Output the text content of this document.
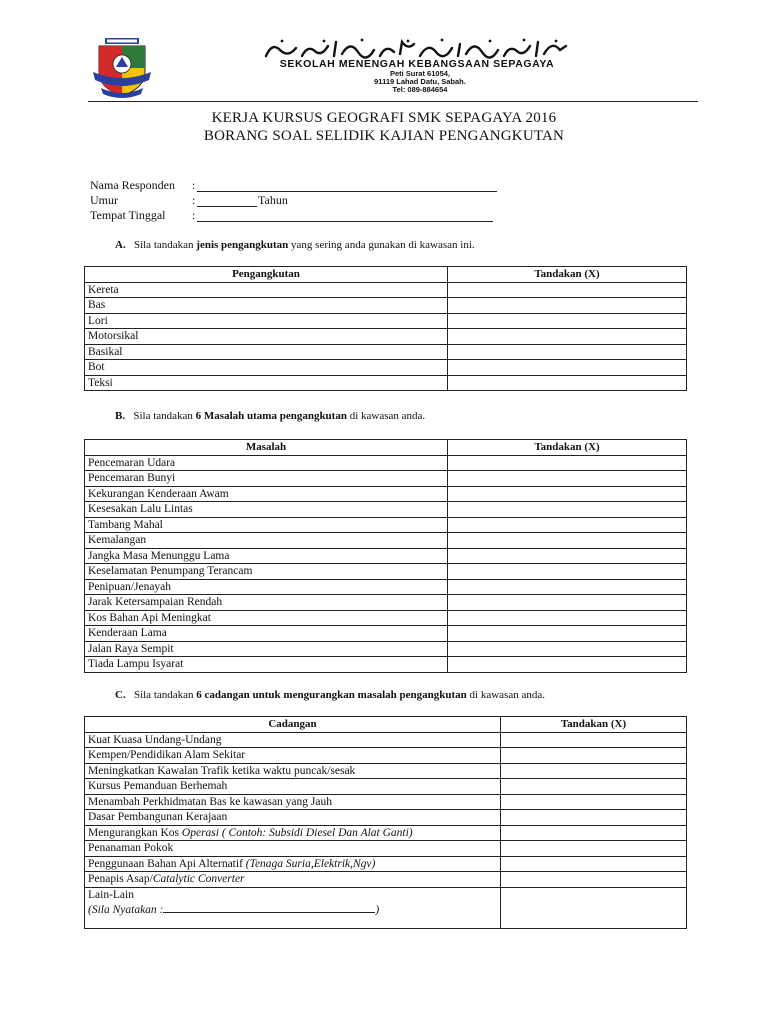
SEKOLAH MENENGAH KEBANGSAAN SEPAGAYA
Peti Surat 61054,
91119 Lahad Datu, Sabah.
Tel: 089-884654
KERJA KURSUS GEOGRAFI SMK SEPAGAYA 2016
BORANG SOAL SELIDIK KAJIAN PENGANGKUTAN
Nama Responden :
Umur	:	Tahun
Tempat Tinggal :
A. Sila tandakan jenis pengangkutan yang sering anda gunakan di kawasan ini.
Pengangkutan	Tandakan (X)
Kereta	
Bas	
Lori	
Motorsikal	
Basikal	
Bot	
Teksi	
B. Sila tandakan 6 Masalah utama pengangkutan di kawasan anda.
Masalah	Tandakan (X)
Pencemaran Udara	
Pencemaran Bunyi	
Kekurangan Kenderaan Awam	
Kesesakan Lalu Lintas	
Tambang Mahal	
Kemalangan	
Jangka Masa Menunggu Lama	
Keselamatan Penumpang Terancam	
Penipuan/Jenayah	
Jarak Ketersampaian Rendah	
Kos Bahan Api Meningkat	
Kenderaan Lama	
Jalan Raya Sempit	
Tiada Lampu Isyarat	
C. Sila tandakan 6 cadangan untuk mengurangkan masalah pengangkutan di kawasan anda.
Cadangan	Tandakan (X)
Kuat Kuasa Undang-Undang	
Kempen/Pendidikan Alam Sekitar	
Meningkatkan Kawalan Trafik ketika waktu puncak/sesak	
Kursus Pemanduan Berhemah	
Menambah Perkhidmatan Bas ke kawasan yang Jauh	
Dasar Pembangunan Kerajaan	
Mengurangkan Kos Operasi ( Contoh: Subsidi Diesel Dan Alat Ganti)	
Penanaman Pokok	
Penggunaan Bahan Api Alternatif (Tenaga Suria,Elektrik,Ngv)	
Penapis Asap/Catalytic Converter	

Lain-Lain
(Sila Nyatakan : )	
